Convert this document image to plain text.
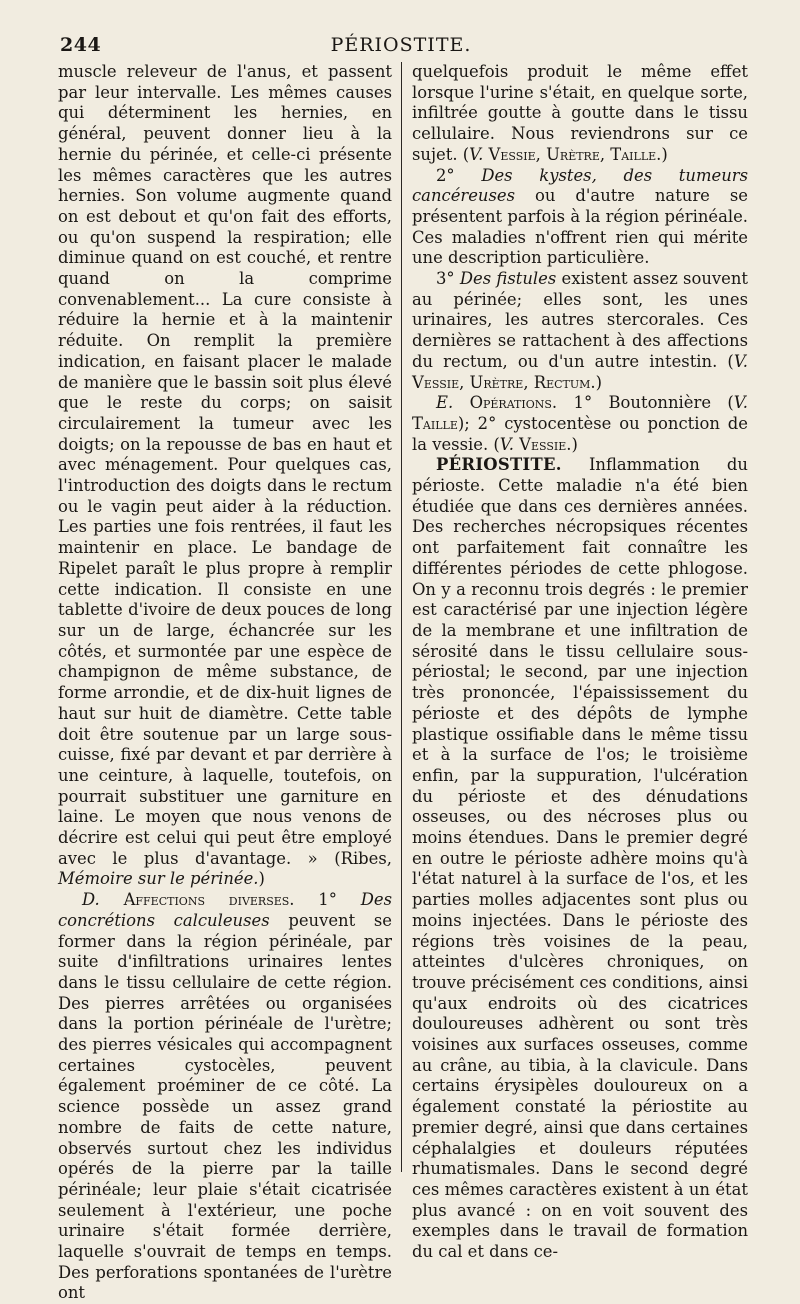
244	PÉRIOSTITE.

muscle releveur de l'anus, et passent par leur intervalle. Les mêmes causes qui déterminent les hernies, en général, peuvent donner lieu à la hernie du périnée, et celle-ci présente les mêmes caractères que les autres hernies. Son volume augmente quand on est debout et qu'on fait des efforts, ou qu'on suspend la respiration; elle diminue quand on est couché, et rentre quand on la comprime convenablement... La cure consiste à réduire la hernie et à la maintenir réduite. On remplit la première indication, en faisant placer le malade de manière que le bassin soit plus élevé que le reste du corps; on saisit circulairement la tumeur avec les doigts; on la repousse de bas en haut et avec ménagement. Pour quelques cas, l'introduction des doigts dans le rectum ou le vagin peut aider à la réduction. Les parties une fois rentrées, il faut les maintenir en place. Le bandage de Ripelet paraît le plus propre à remplir cette indication. Il consiste en une tablette d'ivoire de deux pouces de long sur un de large, échancrée sur les côtés, et surmontée par une espèce de champignon de même substance, de forme arrondie, et de dix-huit lignes de haut sur huit de diamètre. Cette table doit être soutenue par un large sous-cuisse, fixé par devant et par derrière à une ceinture, à laquelle, toutefois, on pourrait substituer une garniture en laine. Le moyen que nous venons de décrire est celui qui peut être employé avec le plus d'avantage. » (Ribes, Mémoire sur le périnée.)

D. Affections diverses. 1° Des concrétions calculeuses peuvent se former dans la région périnéale, par suite d'infiltrations urinaires lentes dans le tissu cellulaire de cette région. Des pierres arrêtées ou organisées dans la portion périnéale de l'urètre; des pierres vésicales qui accompagnent certaines cystocèles, peuvent également proéminer de ce côté. La science possède un assez grand nombre de faits de cette nature, observés surtout chez les individus opérés de la pierre par la taille périnéale; leur plaie s'était cicatrisée seulement à l'extérieur, une poche urinaire s'était formée derrière, laquelle s'ouvrait de temps en temps. Des perforations spontanées de l'urètre ont

quelquefois produit le même effet lorsque l'urine s'était, en quelque sorte, infiltrée goutte à goutte dans le tissu cellulaire. Nous reviendrons sur ce sujet. (V. Vessie, Urètre, Taille.)

2° Des kystes, des tumeurs cancéreuses ou d'autre nature se présentent parfois à la région périnéale. Ces maladies n'offrent rien qui mérite une description particulière.

3° Des fistules existent assez souvent au périnée; elles sont, les unes urinaires, les autres stercorales. Ces dernières se rattachent à des affections du rectum, ou d'un autre intestin. (V. Vessie, Urètre, Rectum.)

E. Opérations. 1° Boutonnière (V. Taille); 2° cystocentèse ou ponction de la vessie. (V. Vessie.)

PÉRIOSTITE. Inflammation du périoste. Cette maladie n'a été bien étudiée que dans ces dernières années. Des recherches nécropsiques récentes ont parfaitement fait connaître les différentes périodes de cette phlogose. On y a reconnu trois degrés : le premier est caractérisé par une injection légère de la membrane et une infiltration de sérosité dans le tissu cellulaire sous-périostal; le second, par une injection très prononcée, l'épaississement du périoste et des dépôts de lymphe plastique ossifiable dans le même tissu et à la surface de l'os; le troisième enfin, par la suppuration, l'ulcération du périoste et des dénudations osseuses, ou des nécroses plus ou moins étendues. Dans le premier degré en outre le périoste adhère moins qu'à l'état naturel à la surface de l'os, et les parties molles adjacentes sont plus ou moins injectées. Dans le périoste des régions très voisines de la peau, atteintes d'ulcères chroniques, on trouve précisément ces conditions, ainsi qu'aux endroits où des cicatrices douloureuses adhèrent ou sont très voisines aux surfaces osseuses, comme au crâne, au tibia, à la clavicule. Dans certains érysipèles douloureux on a également constaté la périostite au premier degré, ainsi que dans certaines céphalalgies et douleurs réputées rhumatismales. Dans le second degré ces mêmes caractères existent à un état plus avancé : on en voit souvent des exemples dans le travail de formation du cal et dans ce-
